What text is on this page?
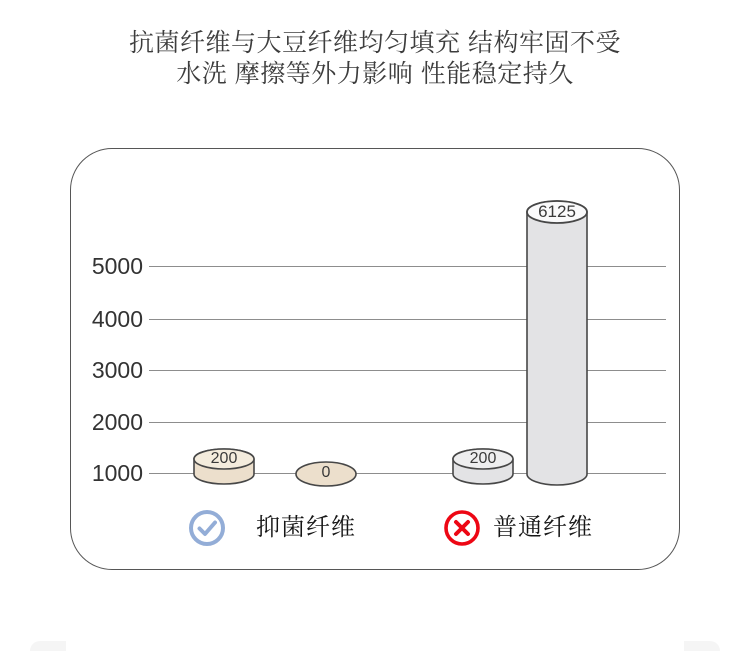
抗菌纤维与大豆纤维均匀填充 结构牢固不受
水洗 摩擦等外力影响 性能稳定持久
5000
4000
3000
2000
1000
200
0
200
6125
抑菌纤维	普通纤维
